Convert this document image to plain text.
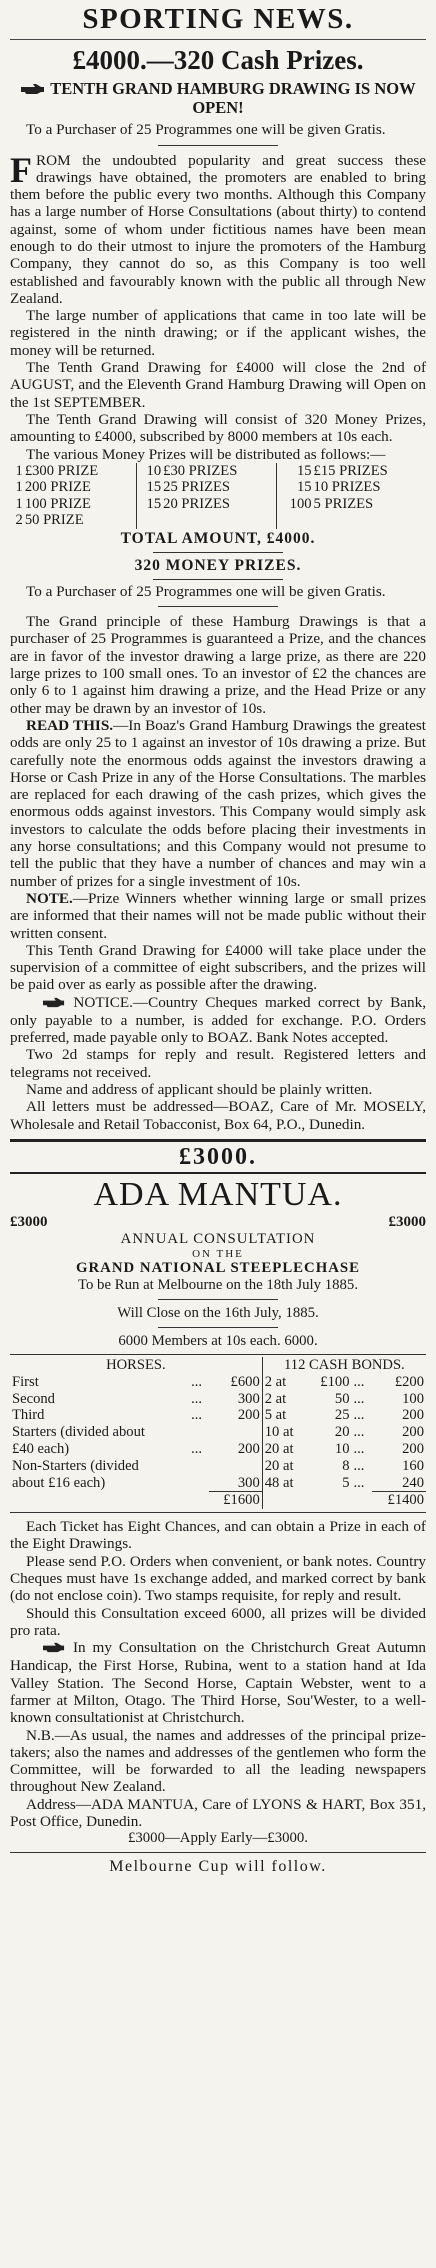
SPORTING NEWS.
£4000.—320 Cash Prizes.
TENTH GRAND HAMBURG DRAWING IS NOW OPEN!

To a Purchaser of 25 Programmes one will be given Gratis.

FROM the undoubted popularity and great success these drawings have obtained, the promoters are enabled to bring them before the public every two months. Although this Company has a large number of Horse Consultations (about thirty) to contend against, some of whom under fictitious names have been mean enough to do their utmost to injure the promoters of the Hamburg Company, they cannot do so, as this Company is too well established and favourably known with the public all through New Zealand.

The large number of applications that came in too late will be registered in the ninth drawing; or if the applicant wishes, the money will be returned.

The Tenth Grand Drawing for £4000 will close the 2nd of AUGUST, and the Eleventh Grand Hamburg Drawing will Open on the 1st SEPTEMBER.

The Tenth Grand Drawing will consist of 320 Money Prizes, amounting to £4000, subscribed by 8000 members at 10s each.

The various Money Prizes will be distributed as follows:—

1	£300 PRIZE	10	£30 PRIZES	15	£15 PRIZES
1	200 PRIZE	15	25 PRIZES	15	10 PRIZES
1	100 PRIZE	15	20 PRIZES	100	5 PRIZES
2	50 PRIZE				
TOTAL AMOUNT, £4000.
320 MONEY PRIZES.

To a Purchaser of 25 Programmes one will be given Gratis.

The Grand principle of these Hamburg Drawings is that a purchaser of 25 Programmes is guaranteed a Prize, and the chances are in favor of the investor drawing a large prize, as there are 220 large prizes to 100 small ones. To an investor of £2 the chances are only 6 to 1 against him drawing a prize, and the Head Prize or any other may be drawn by an investor of 10s.

READ THIS.—In Boaz's Grand Hamburg Drawings the greatest odds are only 25 to 1 against an investor of 10s drawing a prize. But carefully note the enormous odds against the investors drawing a Horse or Cash Prize in any of the Horse Consultations. The marbles are replaced for each drawing of the cash prizes, which gives the enormous odds against investors. This Company would simply ask investors to calculate the odds before placing their investments in any horse consultations; and this Company would not presume to tell the public that they have a number of chances and may win a number of prizes for a single investment of 10s.

NOTE.—Prize Winners whether winning large or small prizes are informed that their names will not be made public without their written consent.

This Tenth Grand Drawing for £4000 will take place under the supervision of a committee of eight subscribers, and the prizes will be paid over as early as possible after the drawing.

NOTICE.—Country Cheques marked correct by Bank, only payable to a number, is added for exchange. P.O. Orders preferred, made payable only to BOAZ. Bank Notes accepted.

Two 2d stamps for reply and result. Registered letters and telegrams not received.

Name and address of applicant should be plainly written.

All letters must be addressed—BOAZ, Care of Mr. MOSELY, Wholesale and Retail Tobacconist, Box 64, P.O., Dunedin.

£3000.
ADA MANTUA.
£3000	£3000
ANNUAL CONSULTATION
ON THE
GRAND NATIONAL STEEPLECHASE
To be Run at Melbourne on the 18th July 1885.
Will Close on the 16th July, 1885.
6000 Members at 10s each. 6000.
HORSES.			112 CASH BONDS.			
First	...	£600	2 at	£100	...	£200
Second	...	300	2 at	50	...	100
Third	...	200	5 at	25	...	200
Starters (divided about			10 at	20	...	200
£40 each)	...	200	20 at	10	...	200
Non-Starters (divided			20 at	8	...	160
about £16 each)		300	48 at	5	...	240
		£1600				£1400

Each Ticket has Eight Chances, and can obtain a Prize in each of the Eight Drawings.

Please send P.O. Orders when convenient, or bank notes. Country Cheques must have 1s exchange added, and marked correct by bank (do not enclose coin). Two stamps requisite, for reply and result.

Should this Consultation exceed 6000, all prizes will be divided pro rata.

In my Consultation on the Christchurch Great Autumn Handicap, the First Horse, Rubina, went to a station hand at Ida Valley Station. The Second Horse, Captain Webster, went to a farmer at Milton, Otago. The Third Horse, Sou'Wester, to a well-known consultationist at Christchurch.

N.B.—As usual, the names and addresses of the principal prize-takers; also the names and addresses of the gentlemen who form the Committee, will be forwarded to all the leading newspapers throughout New Zealand.

Address—ADA MANTUA, Care of LYONS & HART, Box 351, Post Office, Dunedin.

£3000—Apply Early—£3000.
Melbourne Cup will follow.
